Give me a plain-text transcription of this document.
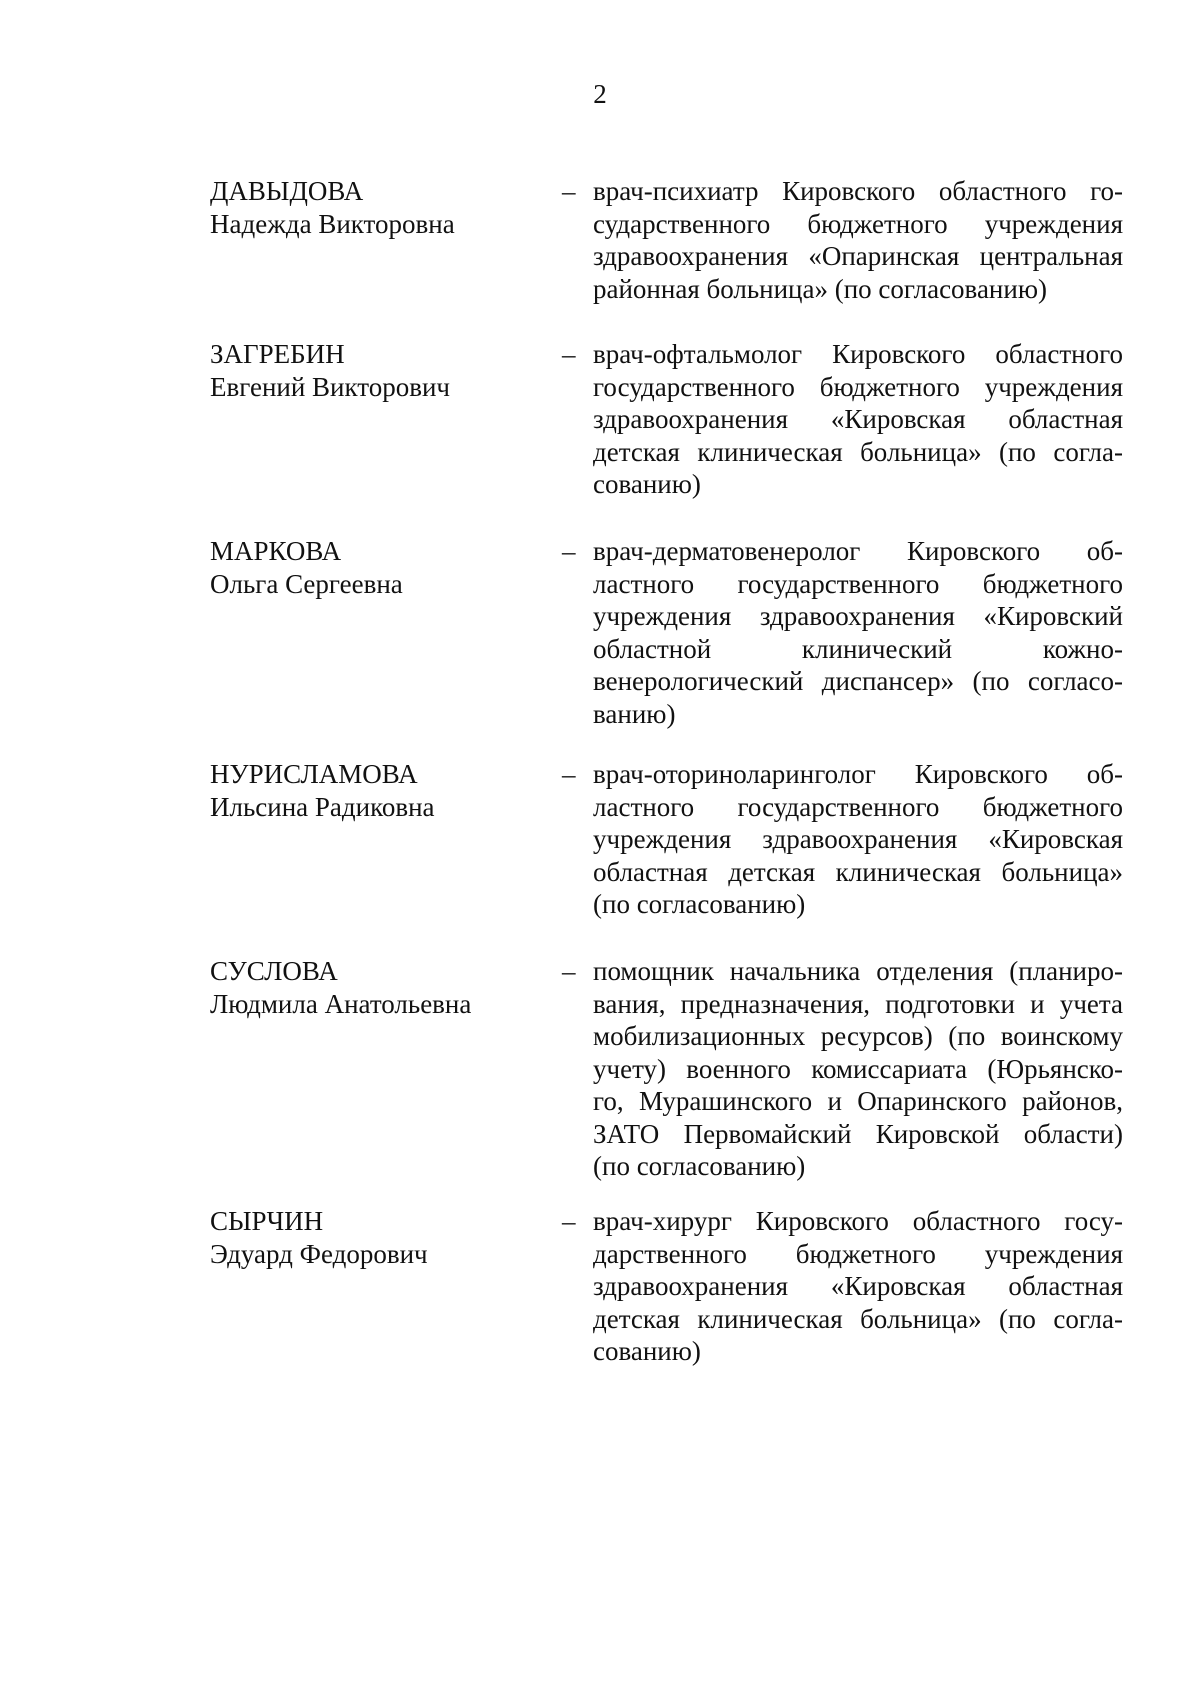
2
ДАВЫДОВА
Надежда Викторовна
– врач-психиатр Кировского областного го-
сударственного бюджетного учреждения
здравоохранения «Опаринская центральная
районная больница» (по согласованию)
ЗАГРЕБИН
Евгений Викторович
– врач-офтальмолог Кировского областного
государственного бюджетного учреждения
здравоохранения «Кировская областная
детская клиническая больница» (по согла-
сованию)
МАРКОВА
Ольга Сергеевна
– врач-дерматовенеролог Кировского об-
ластного государственного бюджетного
учреждения здравоохранения «Кировский
областной клинический кожно-
венерологический диспансер» (по согласо-
ванию)
НУРИСЛАМОВА
Ильсина Радиковна
– врач-оториноларинголог Кировского об-
ластного государственного бюджетного
учреждения здравоохранения «Кировская
областная детская клиническая больница»
(по согласованию)
СУСЛОВА
Людмила Анатольевна
– помощник начальника отделения (планиро-
вания, предназначения, подготовки и учета
мобилизационных ресурсов) (по воинскому
учету) военного комиссариата (Юрьянско-
го, Мурашинского и Опаринского районов,
ЗАТО Первомайский Кировской области)
(по согласованию)
СЫРЧИН
Эдуард Федорович
– врач-хирург Кировского областного госу-
дарственного бюджетного учреждения
здравоохранения «Кировская областная
детская клиническая больница» (по согла-
сованию)
